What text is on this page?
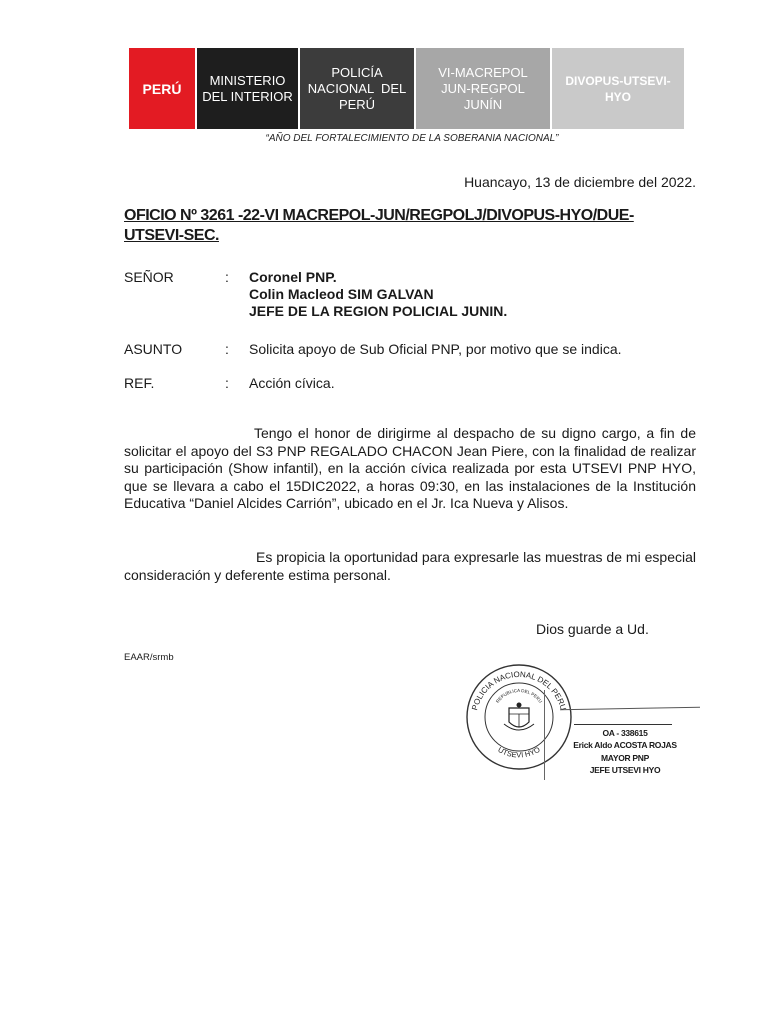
PERÚ
MINISTERIO
DEL INTERIOR
POLICÍA
NACIONAL  DEL
PERÚ
VI-MACREPOL
JUN-REGPOL
JUNÍN
DIVOPUS-UTSEVI-
HYO
“AÑO DEL FORTALECIMIENTO DE LA SOBERANIA NACIONAL”
Huancayo, 13 de diciembre del 2022.
OFICIO Nº 3261 -22-VI MACREPOL-JUN/REGPOLJ/DIVOPUS-HYO/DUE-UTSEVI-SEC.
SEÑOR	: Coronel PNP.
Colin Macleod SIM GALVAN
JEFE DE LA REGION POLICIAL JUNIN.
ASUNTO	: Solicita apoyo de Sub Oficial PNP, por motivo que se indica.
REF.	: Acción cívica.
Tengo el honor de dirigirme al despacho de su digno cargo, a fin de solicitar el apoyo del S3 PNP REGALADO CHACON Jean Piere, con la finalidad de realizar su participación (Show infantil), en la acción cívica realizada por esta UTSEVI PNP HYO, que se llevara a cabo el 15DIC2022, a horas 09:30, en las instalaciones de la Institución Educativa “Daniel Alcides Carrión”, ubicado en el Jr. Ica Nueva y Alisos.
Es propicia la oportunidad para expresarle las muestras de mi especial consideración y deferente estima personal.
Dios guarde a Ud.
EAAR/srmb
POLICIA NACIONAL DEL PERU
REPUBLICA DEL PERU
UTSEVI HYO
OA - 338615
Erick Aldo ACOSTA ROJAS
MAYOR PNP
JEFE UTSEVI HYO
